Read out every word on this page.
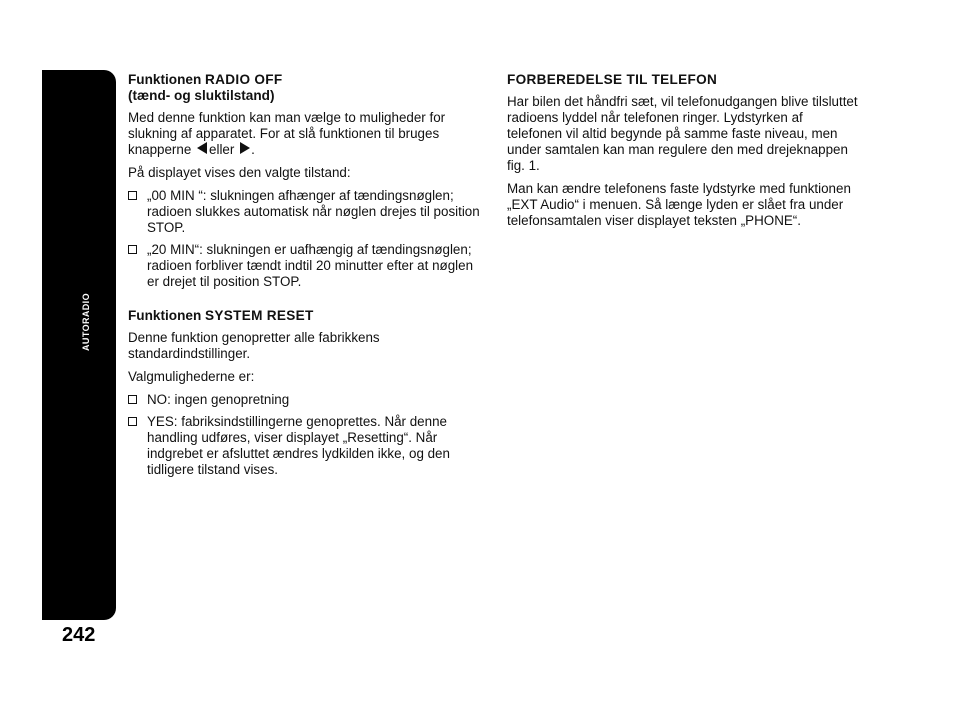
AUTORADIO
242
Funktionen RADIO OFF
(tænd- og sluktilstand)

Med denne funktion kan man vælge to muligheder for slukning af apparatet. For at slå funktionen til bruges knapperne eller .

På displayet vises den valgte tilstand:

„00 MIN “: slukningen afhænger af tændingsnøglen; radioen slukkes automatisk når nøglen drejes til position STOP.
„20 MIN“: slukningen er uafhængig af tændingsnøglen; radioen forbliver tændt indtil 20 minutter efter at nøglen er drejet til position STOP.
Funktionen SYSTEM RESET

Denne funktion genopretter alle fabrikkens standardindstillinger.

Valgmulighederne er:

NO: ingen genopretning
YES: fabriksindstillingerne genoprettes. Når denne handling udføres, viser displayet „Resetting“. Når indgrebet er afsluttet ændres lydkilden ikke, og den tidligere tilstand vises.
FORBEREDELSE TIL TELEFON

Har bilen det håndfri sæt, vil telefonudgangen blive tilsluttet radioens lyddel når telefonen ringer. Lydstyrken af telefonen vil altid begynde på samme faste niveau, men under samtalen kan man regulere den med drejeknappen fig. 1.

Man kan ændre telefonens faste lydstyrke med funktionen „EXT Audio“ i menuen. Så længe lyden er slået fra under telefonsamtalen viser displayet teksten „PHONE“.
